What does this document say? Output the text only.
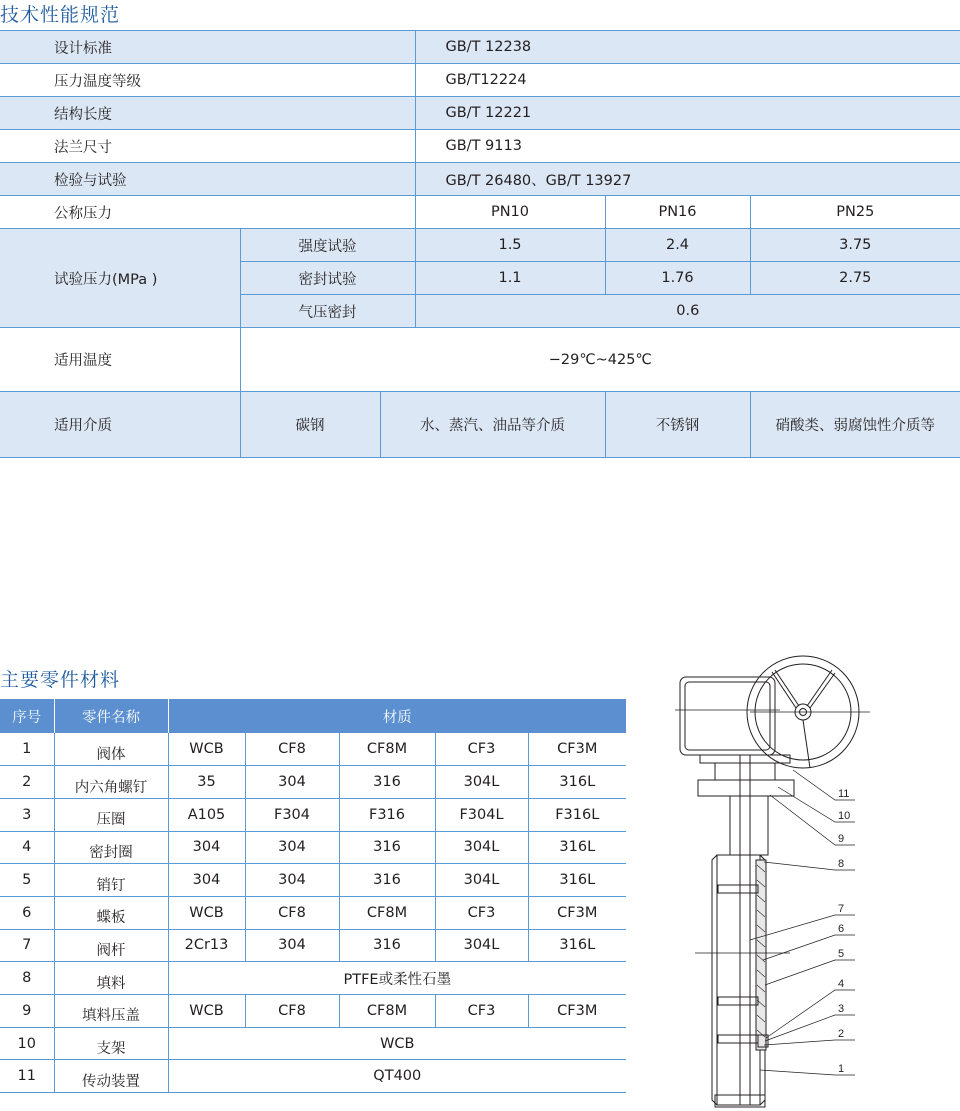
技术性能规范
设计标准			GB/T 12238		
压力温度等级			GB/T12224		
结构长度			GB/T 12221		
法兰尺寸			GB/T 9113		
检验与试验			GB/T 26480、GB/T 13927		
公称压力			PN10	PN16	PN25
试验压力(MPa )	强度试验		1.5	2.4	3.75
	密封试验		1.1	1.76	2.75
	气压密封		0.6		
适用温度	−29℃~425℃				
适用介质	碳钢	水、蒸汽、油品等介质		不锈钢	硝酸类、弱腐蚀性介质等
主要零件材料
序号	零件名称	材质				
1	阀体	WCB	CF8	CF8M	CF3	CF3M
2	内六角螺钉	35	304	316	304L	316L
3	压圈	A105	F304	F316	F304L	F316L
4	密封圈	304	304	316	304L	316L
5	销钉	304	304	316	304L	316L
6	蝶板	WCB	CF8	CF8M	CF3	CF3M
7	阀杆	2Cr13	304	316	304L	316L
8	填料	PTFE或柔性石墨				
9	填料压盖	WCB	CF8	CF8M	CF3	CF3M
10	支架	WCB				
11	传动装置	QT400				
11
10
9
8
7
6
5
4
3
2
1
